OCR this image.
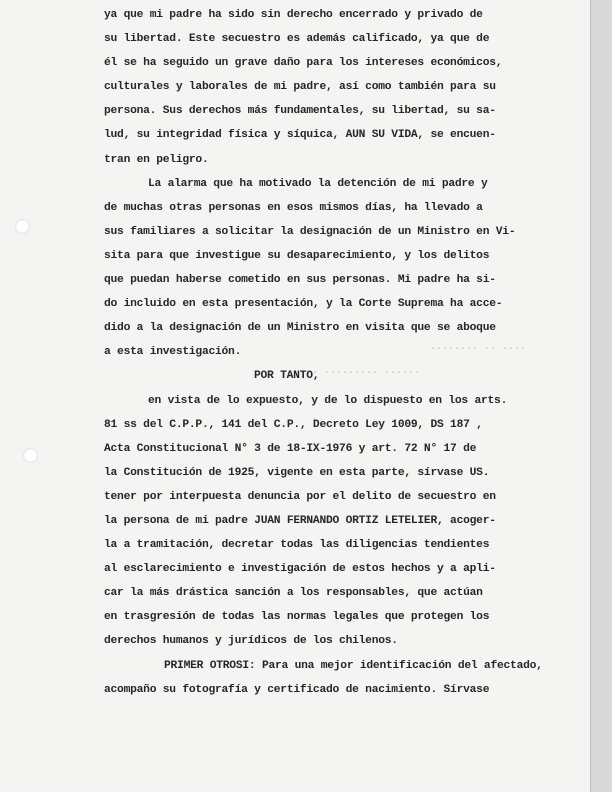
········ ·· ····
··· ········· ······
ya que mi padre ha sido sin derecho encerrado y privado de
su libertad. Este secuestro es además calificado, ya que de
él se ha seguido un grave daño para los intereses económicos,
culturales y laborales de mi padre, así como también para su
persona. Sus derechos más fundamentales, su libertad, su sa-
lud, su integridad física y síquica, AUN SU VIDA, se encuen-
tran en peligro.
La alarma que ha motivado la detención de mi padre y
de muchas otras personas en esos mismos días, ha llevado a
sus familiares a solicitar la designación de un Ministro en Vi-
sita para que investigue su desaparecimiento, y los delitos
que puedan haberse cometido en sus personas. Mi padre ha si-
do incluido en esta presentación, y la Corte Suprema ha acce-
dido a la designación de un Ministro en visita que se aboque
a esta investigación.
POR TANTO,
en vista de lo expuesto, y de lo dispuesto en los arts.
81 ss del C.P.P., 141 del C.P., Decreto Ley 1009, DS 187 ,
Acta Constitucional N° 3 de 18-IX-1976 y art. 72 N° 17 de
la Constitución de 1925, vigente en esta parte, sírvase US.
tener por interpuesta denuncia por el delito de secuestro en
la persona de mi padre JUAN FERNANDO ORTIZ LETELIER, acoger-
la a tramitación, decretar todas las diligencias tendientes
al esclarecimiento e investigación de estos hechos y a apli-
car la más drástica sanción a los responsables, que actúan
en trasgresión de todas las normas legales que protegen los
derechos humanos y jurídicos de los chilenos.
PRIMER OTROSI: Para una mejor identificación del afectado,
acompaño su fotografía y certificado de nacimiento. Sírvase
